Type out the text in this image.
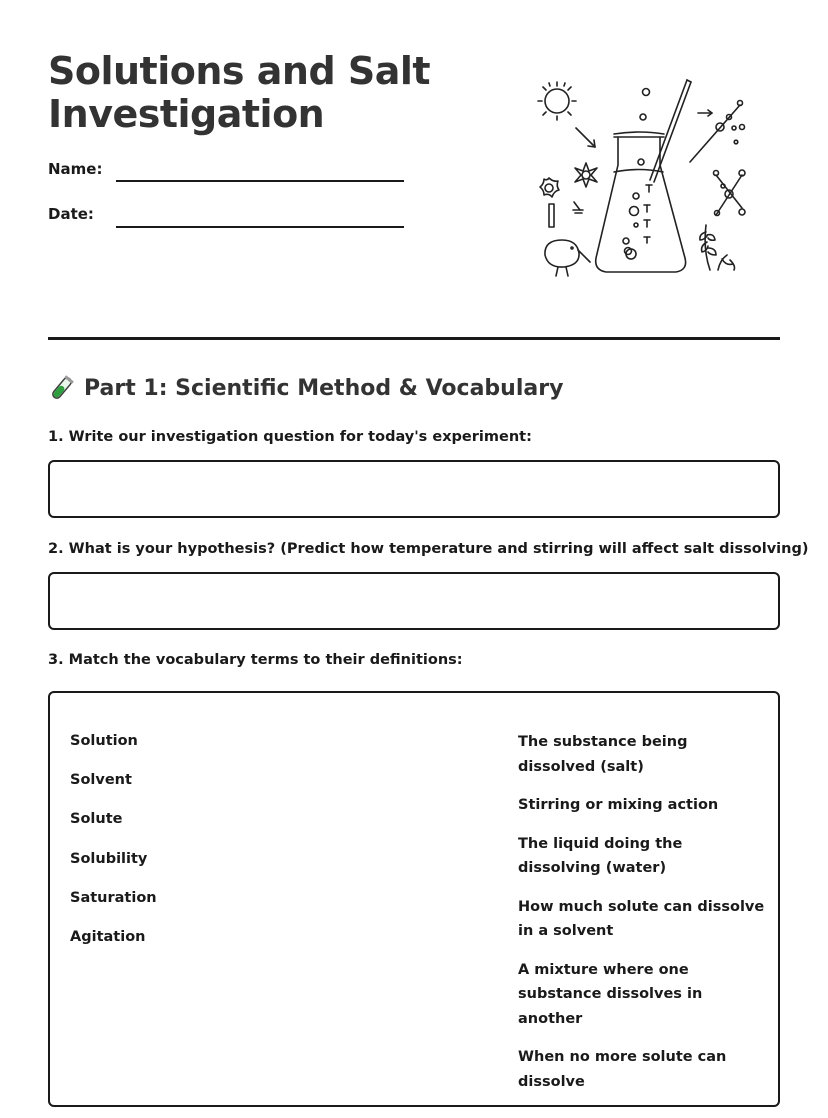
Solutions and Salt Investigation
Name:
Date:
Part 1: Scientific Method & Vocabulary

1. Write our investigation question for today's experiment:

2. What is your hypothesis? (Predict how temperature and stirring will affect salt dissolving)

3. Match the vocabulary terms to their definitions:

Solution
Solvent
Solute
Solubility
Saturation
Agitation
The substance being dissolved (salt)
Stirring or mixing action
The liquid doing the dissolving (water)
How much solute can dissolve in a solvent
A mixture where one substance dissolves in another
When no more solute can dissolve
